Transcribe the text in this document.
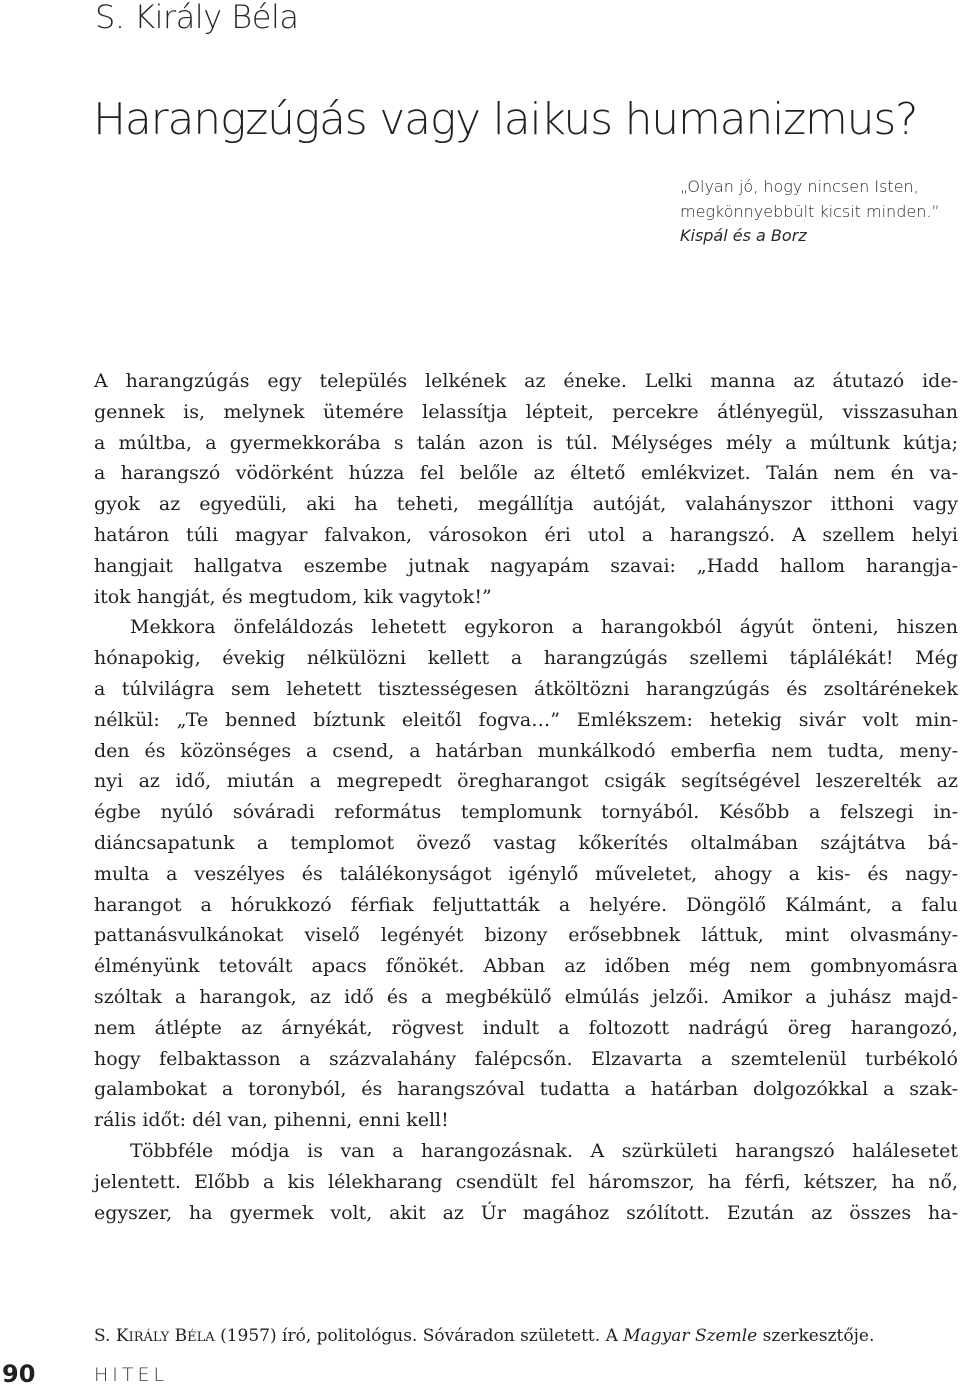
S. Király Béla
Harangzúgás vagy laikus humanizmus?
„Olyan jó, hogy nincsen Isten,
megkönnyebbült kicsit minden.”
Kispál és a Borz
A harangzúgás egy település lelkének az éneke. Lelki manna az átutazó ide-
gennek is, melynek ütemére lelassítja lépteit, percekre átlényegül, visszasuhan
a múltba, a gyermekkorába s talán azon is túl. Mélységes mély a múltunk kútja;
a harangszó vödörként húzza fel belőle az éltető emlékvizet. Talán nem én va-
gyok az egyedüli, aki ha teheti, megállítja autóját, valahányszor itthoni vagy
határon túli magyar falvakon, városokon éri utol a harangszó. A szellem helyi
hangjait hallgatva eszembe jutnak nagyapám szavai: „Hadd hallom harangja-
itok hangját, és megtudom, kik vagytok!”
Mekkora önfeláldozás lehetett egykoron a harangokból ágyút önteni, hiszen
hónapokig, évekig nélkülözni kellett a harangzúgás szellemi táplálékát! Még
a túlvilágra sem lehetett tisztességesen átköltözni harangzúgás és zsoltárénekek
nélkül: „Te benned bíztunk eleitől fogva…” Emlékszem: hetekig sivár volt min-
den és közönséges a csend, a határban munkálkodó emberfia nem tudta, meny-
nyi az idő, miután a megrepedt öregharangot csigák segítségével leszerelték az
égbe nyúló sóváradi református templomunk tornyából. Később a felszegi in-
diáncsapatunk a templomot övező vastag kőkerítés oltalmában szájtátva bá-
multa a veszélyes és találékonyságot igénylő műveletet, ahogy a kis- és nagy-
harangot a hórukkozó férfiak feljuttatták a helyére. Döngölő Kálmánt, a falu
pattanásvulkánokat viselő legényét bizony erősebbnek láttuk, mint olvasmány-
élményünk tetovált apacs főnökét. Abban az időben még nem gombnyomásra
szóltak a harangok, az idő és a megbékülő elmúlás jelzői. Amikor a juhász majd-
nem átlépte az árnyékát, rögvest indult a foltozott nadrágú öreg harangozó,
hogy felbaktasson a százvalahány falépcsőn. Elzavarta a szemtelenül turbékoló
galambokat a toronyból, és harangszóval tudatta a határban dolgozókkal a szak-
rális időt: dél van, pihenni, enni kell!
Többféle módja is van a harangozásnak. A szürkületi harangszó halálesetet
jelentett. Előbb a kis lélekharang csendült fel háromszor, ha férfi, kétszer, ha nő,
egyszer, ha gyermek volt, akit az Úr magához szólított. Ezután az összes ha-
S. KIRÁLY BÉLA (1957) író, politológus. Sóváradon született. A Magyar Szemle szerkesztője.
90	HITEL
